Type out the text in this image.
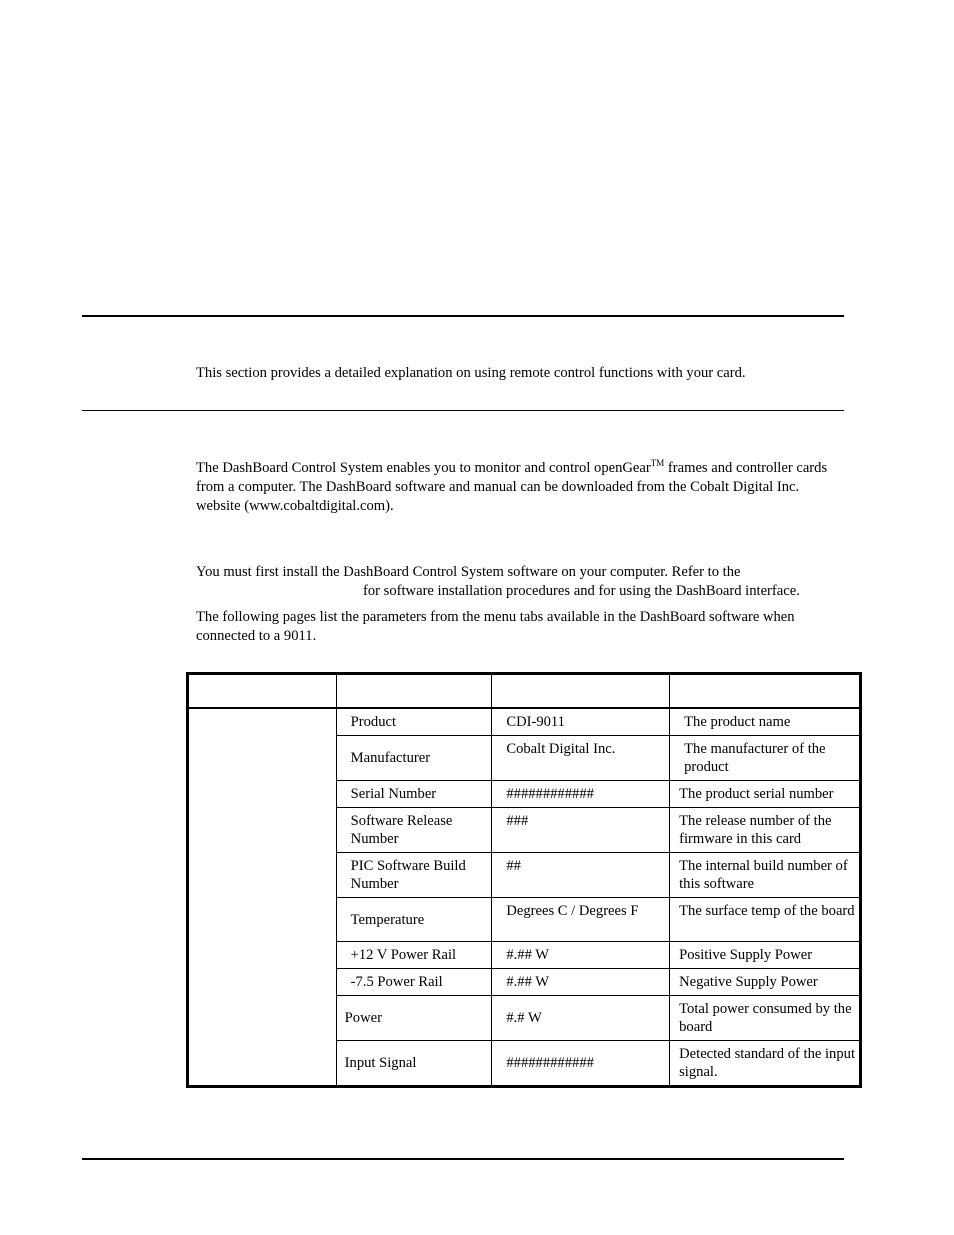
This section provides a detailed explanation on using remote control functions with your card.

The DashBoard Control System enables you to monitor and control openGear™ frames and controller cards from a computer. The DashBoard software and manual can be downloaded from the Cobalt Digital Inc. website (www.cobaltdigital.com).

You must first install the DashBoard Control System software on your computer. Refer to the
for software installation procedures and for using the DashBoard interface.

The following pages list the parameters from the menu tabs available in the DashBoard software when connected to a 9011.

	Product	CDI-9011	The product name
	Manufacturer	Cobalt Digital Inc.	The manufacturer of the product
	Serial Number	############	The product serial number
	Software Release Number	###	The release number of the firmware in this card
	PIC Software Build Number	##	The internal build number of this software
	Temperature	Degrees C / Degrees F	The surface temp of the board
	+12 V Power Rail	#.## W	Positive Supply Power
	-7.5 Power Rail	#.## W	Negative Supply Power
	Power	#.# W	Total power consumed by the board
	Input Signal	############	Detected standard of the input signal.
